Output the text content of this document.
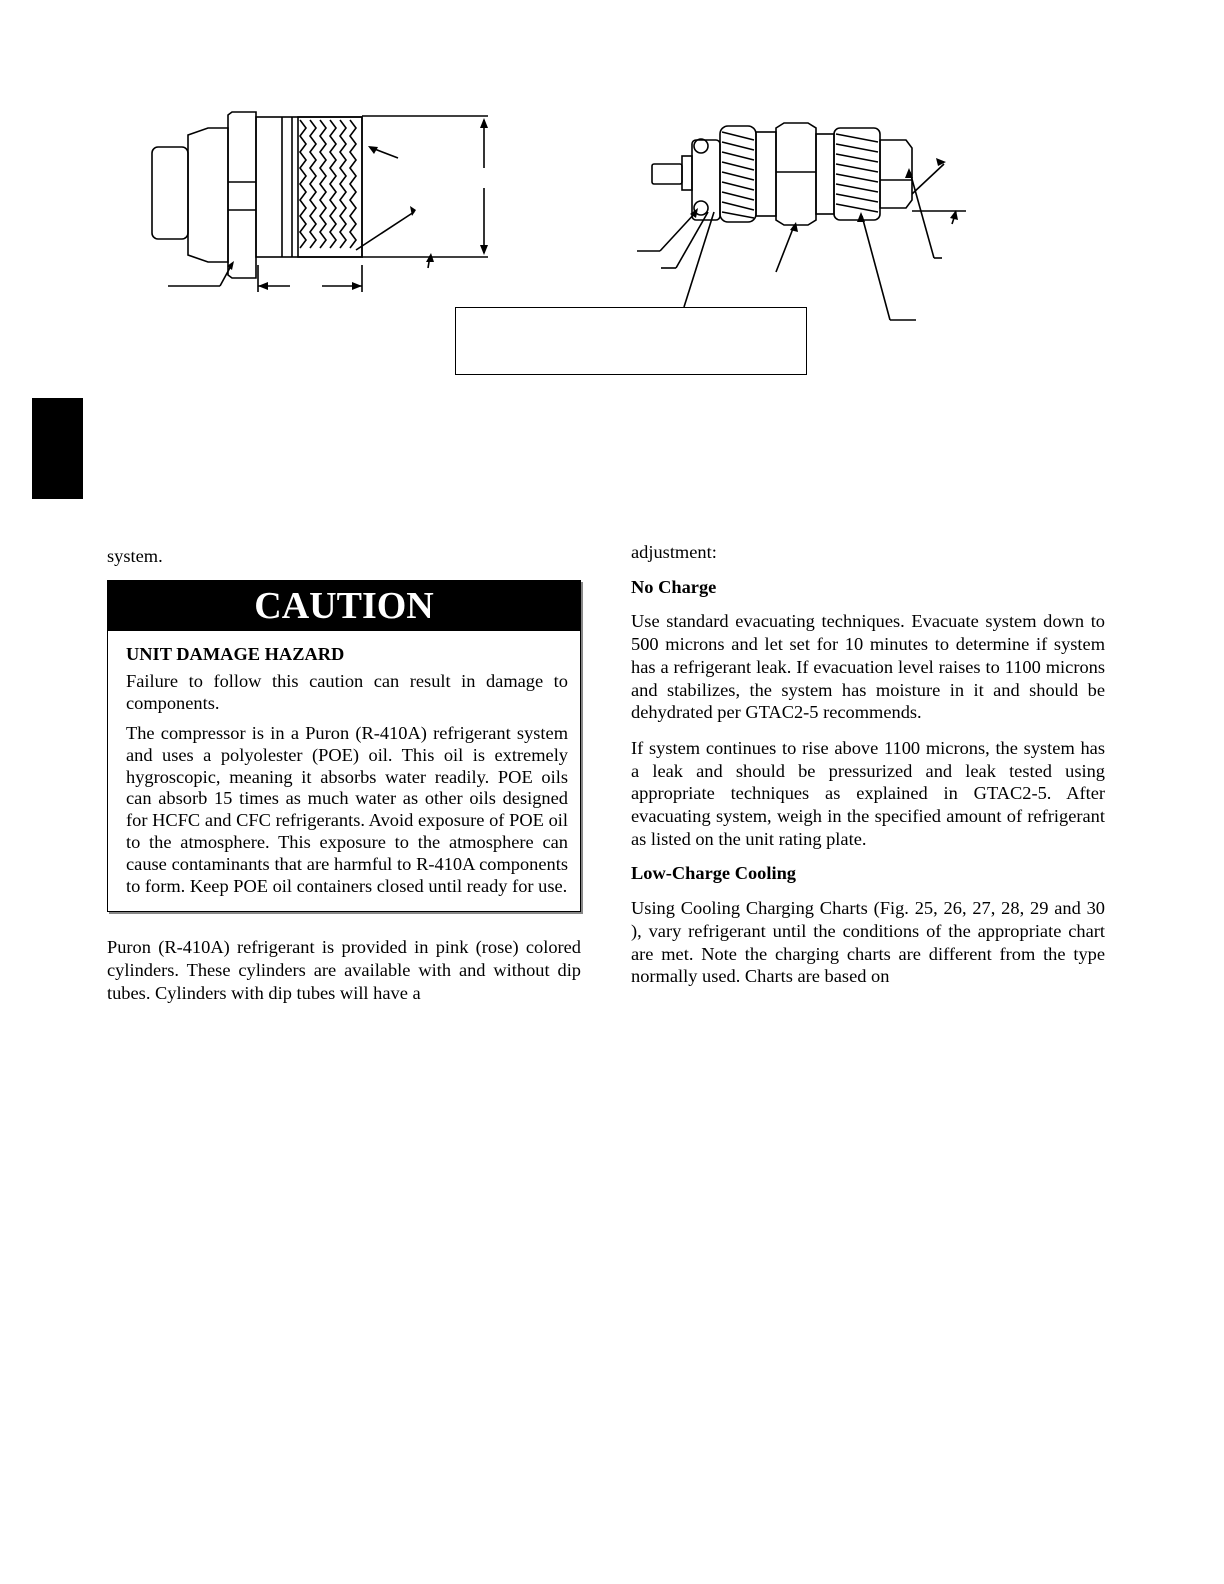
system.

CAUTION
UNIT DAMAGE HAZARD

Failure to follow this caution can result in damage to components.

The compressor is in a Puron (R-410A) refrigerant system and uses a polyolester (POE) oil. This oil is extremely hygroscopic, meaning it absorbs water readily. POE oils can absorb 15 times as much water as other oils designed for HCFC and CFC refrigerants. Avoid exposure of POE oil to the atmosphere. This exposure to the atmosphere can cause contaminants that are harmful to R-410A components to form. Keep POE oil containers closed until ready for use.

Puron (R-410A) refrigerant is provided in pink (rose) colored cylinders. These cylinders are available with and without dip tubes. Cylinders with dip tubes will have a

adjustment:

No Charge

Use standard evacuating techniques. Evacuate system down to 500 microns and let set for 10 minutes to determine if system has a refrigerant leak. If evacuation level raises to 1100 microns and stabilizes, the system has moisture in it and should be dehydrated per GTAC2-5 recommends.

If system continues to rise above 1100 microns, the system has a leak and should be pressurized and leak tested using appropriate techniques as explained in GTAC2-5. After evacuating system, weigh in the specified amount of refrigerant as listed on the unit rating plate.

Low-Charge Cooling

Using Cooling Charging Charts (Fig. 25, 26, 27, 28, 29 and 30 ), vary refrigerant until the conditions of the appropriate chart are met. Note the charging charts are different from the type normally used. Charts are based on
